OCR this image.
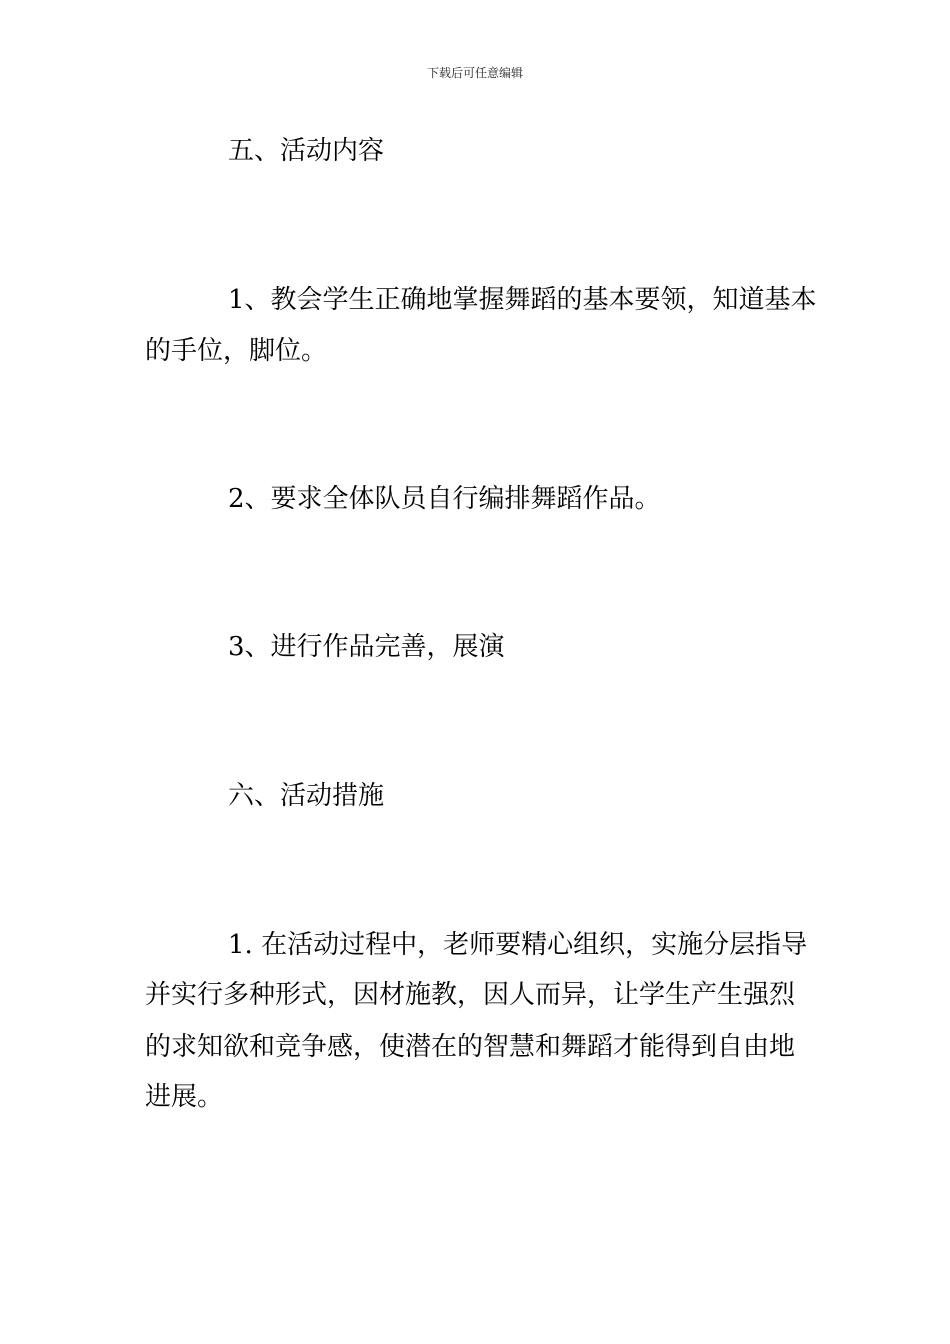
下载后可任意编辑
五、活动内容
1、教会学生正确地掌握舞蹈的基本要领，知道基本
的手位，脚位。
2、要求全体队员自行编排舞蹈作品。
3、进行作品完善，展演
六、活动措施
1. 在活动过程中，老师要精心组织，实施分层指导
并实行多种形式，因材施教，因人而异，让学生产生强烈
的求知欲和竞争感，使潜在的智慧和舞蹈才能得到自由地
进展。
